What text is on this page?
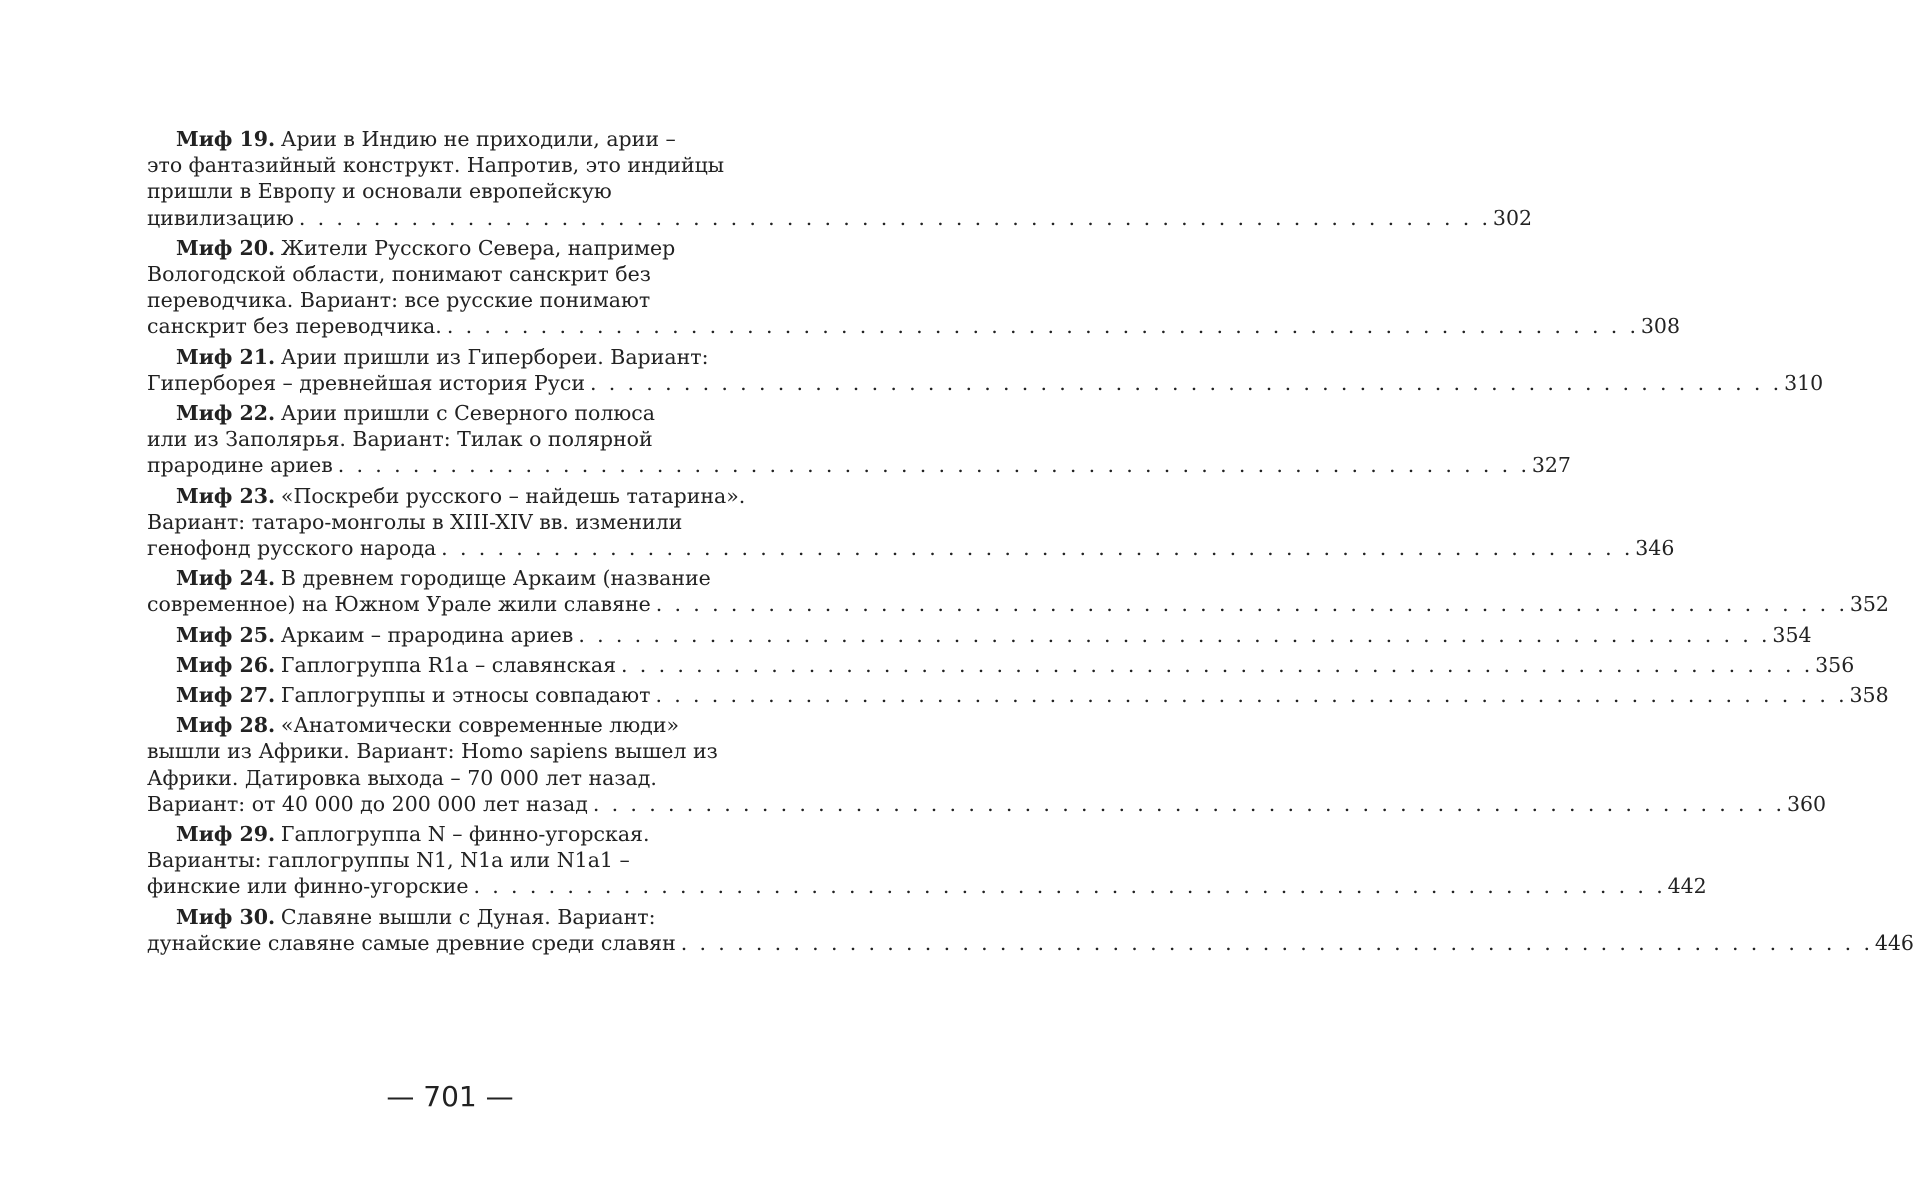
Миф 19. Арии в Индию не приходили, арии –
это фантазийный конструкт. Напротив, это индийцы
пришли в Европу и основали европейскую
цивилизацию . . . . . . . . . . . . . . . . . . . . . . . . . . . . . . . . . . . . . . . . . . . . . . . . . . . . . . . . . . . . . . . . 302
Миф 20. Жители Русского Севера, например
Вологодской области, понимают санскрит без
переводчика. Вариант: все русские понимают
санскрит без переводчика. . . . . . . . . . . . . . . . . . . . . . . . . . . . . . . . . . . . . . . . . . . . . . . . . . . . . . . . . . . . . . . . . 308
Миф 21. Арии пришли из Гипербореи. Вариант:
Гиперборея – древнейшая история Руси . . . . . . . . . . . . . . . . . . . . . . . . . . . . . . . . . . . . . . . . . . . . . . . . . . . . . . . . . . . . . . . . 310
Миф 22. Арии пришли с Северного полюса
или из Заполярья. Вариант: Тилак о полярной
прародине ариев . . . . . . . . . . . . . . . . . . . . . . . . . . . . . . . . . . . . . . . . . . . . . . . . . . . . . . . . . . . . . . . . 327
Миф 23. «Поскреби русского – найдешь татарина».
Вариант: татаро-монголы в XIII-XIV вв. изменили
генофонд русского народа . . . . . . . . . . . . . . . . . . . . . . . . . . . . . . . . . . . . . . . . . . . . . . . . . . . . . . . . . . . . . . . . 346
Миф 24. В древнем городище Аркаим (название
современное) на Южном Урале жили славяне . . . . . . . . . . . . . . . . . . . . . . . . . . . . . . . . . . . . . . . . . . . . . . . . . . . . . . . . . . . . . . . . 352
Миф 25. Аркаим – прародина ариев . . . . . . . . . . . . . . . . . . . . . . . . . . . . . . . . . . . . . . . . . . . . . . . . . . . . . . . . . . . . . . . . 354
Миф 26. Гаплогруппа R1a – славянская . . . . . . . . . . . . . . . . . . . . . . . . . . . . . . . . . . . . . . . . . . . . . . . . . . . . . . . . . . . . . . . . 356
Миф 27. Гаплогруппы и этносы совпадают . . . . . . . . . . . . . . . . . . . . . . . . . . . . . . . . . . . . . . . . . . . . . . . . . . . . . . . . . . . . . . . . 358
Миф 28. «Анатомически современные люди»
вышли из Африки. Вариант: Homo sapiens вышел из
Африки. Датировка выхода – 70 000 лет назад.
Вариант: от 40 000 до 200 000 лет назад . . . . . . . . . . . . . . . . . . . . . . . . . . . . . . . . . . . . . . . . . . . . . . . . . . . . . . . . . . . . . . . . 360
Миф 29. Гаплогруппа N – финно-угорская.
Варианты: гаплогруппы N1, N1a или N1a1 –
финские или финно-угорские . . . . . . . . . . . . . . . . . . . . . . . . . . . . . . . . . . . . . . . . . . . . . . . . . . . . . . . . . . . . . . . . 442
Миф 30. Славяне вышли с Дуная. Вариант:
дунайские славяне самые древние среди славян . . . . . . . . . . . . . . . . . . . . . . . . . . . . . . . . . . . . . . . . . . . . . . . . . . . . . . . . . . . . . . . . 446
— 701 —
